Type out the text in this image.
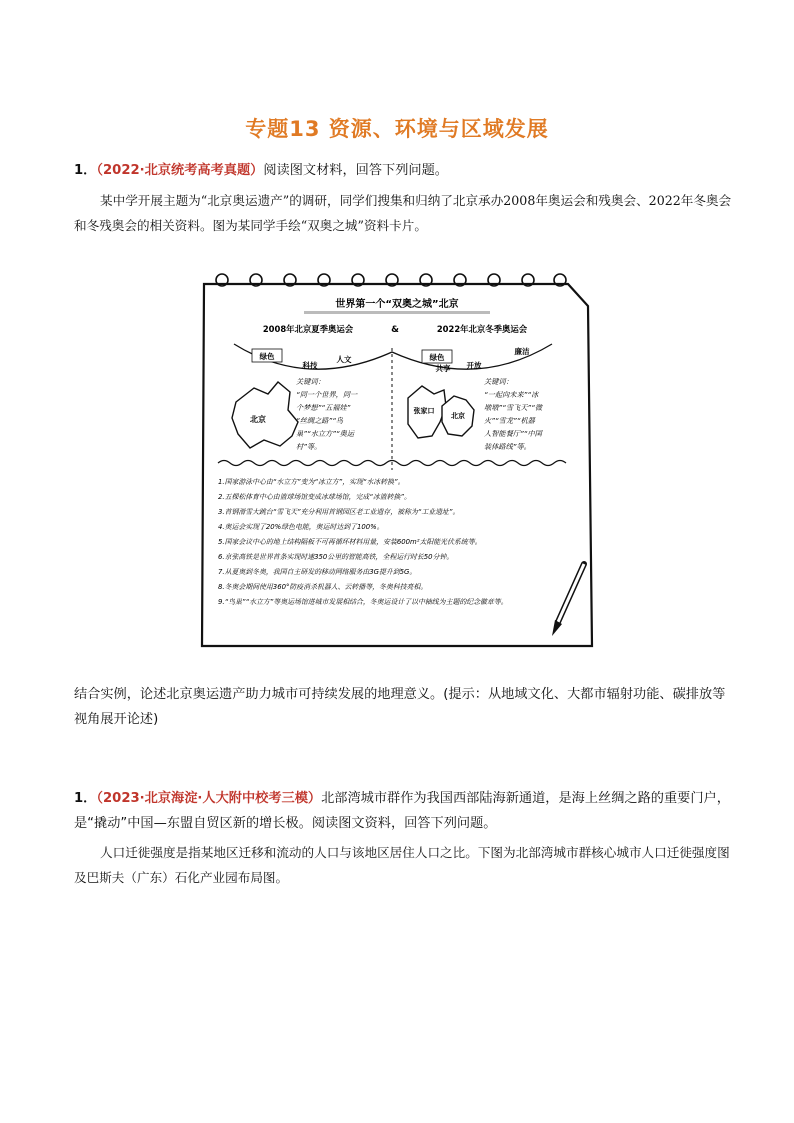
专题13 资源、环境与区域发展
1．（2022·北京统考高考真题）阅读图文材料，回答下列问题。
某中学开展主题为“北京奥运遗产”的调研，同学们搜集和归纳了北京承办2008年奥运会和残奥会、2022年冬奥会和冬残奥会的相关资料。图为某同学手绘“双奥之城”资料卡片。
世界第一个“双奥之城”北京
2008年北京夏季奥运会	&	2022年北京冬季奥运会
绿色
科技
人文	绿色
共享 开放
廉洁
北京
张家口
北京
关键词：
“同一个世界，同一
个梦想”“五福娃”
“丝绸之路”“鸟
巢”“水立方”“奥运
村”等。
关键词：
“一起向未来”“冰
墩墩”“雪飞天”“微
火”“雪龙”“机器
人智能餐厅”“中国
装体路线”等。
1.国家游泳中心由“水立方”变为“冰立方”，实现“水冰转换”。
2.五棵松体育中心由篮球场馆变成冰球场馆，完成“冰篮转换”。
3.首钢滑雪大跳台“雪飞天”充分利用首钢园区老工业遗存，被称为“工业遗址”。
4.奥运会实现了20%绿色电能，奥运时达到了100%。
5.国家会议中心的地上结构隔板不可再循环材料用量，安装600m²太阳能光伏系统等。
6.京张高铁是世界首条实现时速350公里的智能高铁，全程运行时长50分钟。
7.从夏奥到冬奥，我国自主研发的移动网络服务由3G提升到5G。
8.冬奥会期间使用360°防疫消杀机器人、云转播等，冬奥科技亮相。
9.“鸟巢”“水立方”等奥运场馆进城市发展相结合，冬奥运设计了以中轴线为主题的纪念徽章等。
结合实例，论述北京奥运遗产助力城市可持续发展的地理意义。(提示：从地域文化、大都市辐射功能、碳排放等视角展开论述)
1．（2023·北京海淀·人大附中校考三模）北部湾城市群作为我国西部陆海新通道，是海上丝绸之路的重要门户，是“撬动”中国—东盟自贸区新的增长极。阅读图文资料，回答下列问题。
人口迁徙强度是指某地区迁移和流动的人口与该地区居住人口之比。下图为北部湾城市群核心城市人口迁徙强度图及巴斯夫（广东）石化产业园布局图。
